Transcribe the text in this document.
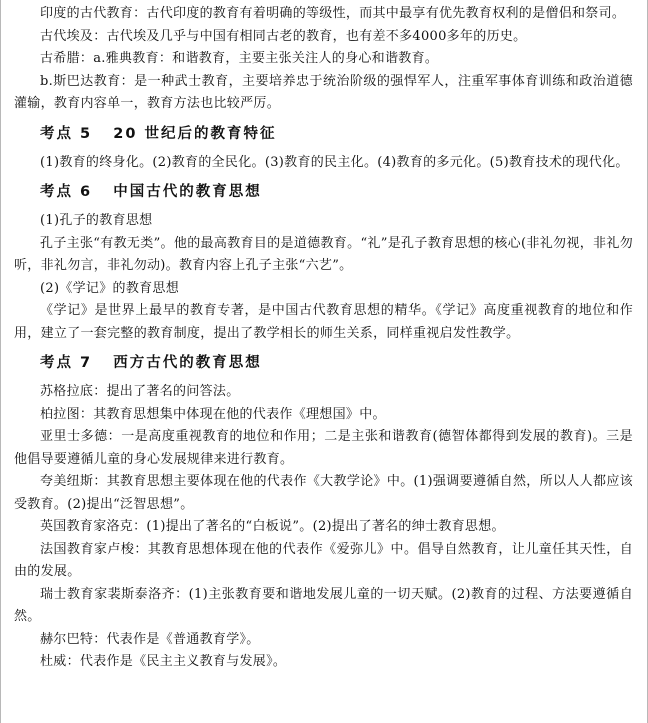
印度的古代教育：古代印度的教育有着明确的等级性，而其中最享有优先教育权利的是僧侣和祭司。

古代埃及：古代埃及几乎与中国有相同古老的教育，也有差不多4000多年的历史。

古希腊：a.雅典教育：和谐教育，主要主张关注人的身心和谐教育。

b.斯巴达教育：是一种武士教育，主要培养忠于统治阶级的强悍军人，注重军事体育训练和政治道德灌输，教育内容单一，教育方法也比较严厉。

考点 5   20 世纪后的教育特征

(1)教育的终身化。(2)教育的全民化。(3)教育的民主化。(4)教育的多元化。(5)教育技术的现代化。

考点 6   中国古代的教育思想

(1)孔子的教育思想

孔子主张“有教无类”。他的最高教育目的是道德教育。“礼”是孔子教育思想的核心(非礼勿视，非礼勿听，非礼勿言，非礼勿动)。教育内容上孔子主张“六艺”。

(2)《学记》的教育思想

《学记》是世界上最早的教育专著，是中国古代教育思想的精华。《学记》高度重视教育的地位和作用，建立了一套完整的教育制度，提出了教学相长的师生关系，同样重视启发性教学。

考点 7   西方古代的教育思想

苏格拉底：提出了著名的问答法。

柏拉图：其教育思想集中体现在他的代表作《理想国》中。

亚里士多德：一是高度重视教育的地位和作用；二是主张和谐教育(德智体都得到发展的教育)。三是他倡导要遵循儿童的身心发展规律来进行教育。

夸美纽斯：其教育思想主要体现在他的代表作《大教学论》中。(1)强调要遵循自然，所以人人都应该受教育。(2)提出“泛智思想”。

英国教育家洛克：(1)提出了著名的“白板说”。(2)提出了著名的绅士教育思想。

法国教育家卢梭：其教育思想体现在他的代表作《爱弥儿》中。倡导自然教育，让儿童任其天性，自由的发展。

瑞士教育家裴斯泰洛齐：(1)主张教育要和谐地发展儿童的一切天赋。(2)教育的过程、方法要遵循自然。

赫尔巴特：代表作是《普通教育学》。

杜威：代表作是《民主主义教育与发展》。
